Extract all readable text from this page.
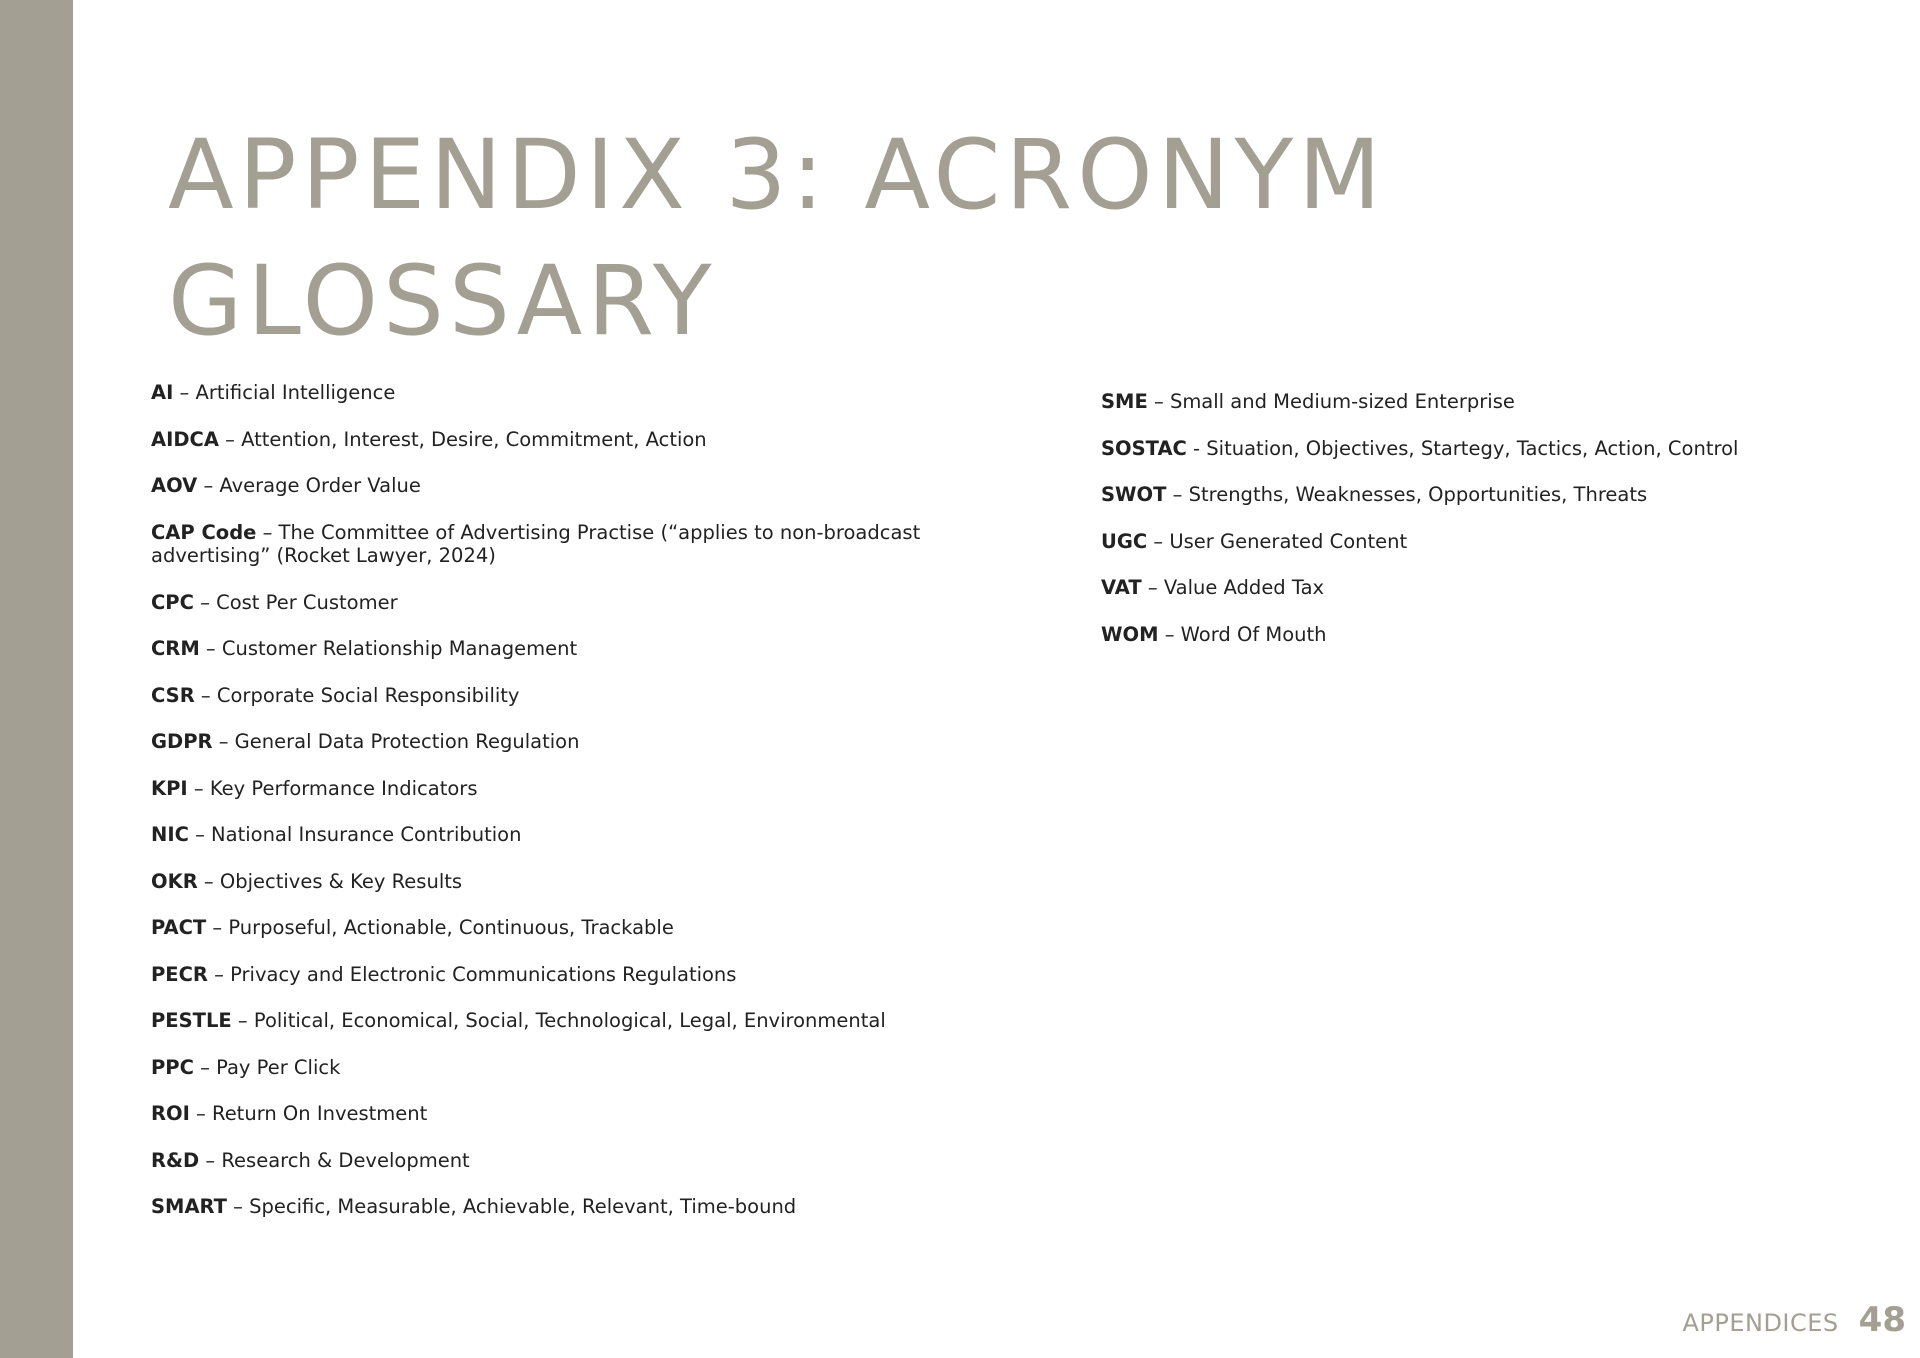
APPENDIX 3: ACRONYM
GLOSSARY
AI – Artificial Intelligence
AIDCA – Attention, Interest, Desire, Commitment, Action
AOV – Average Order Value
CAP Code – The Committee of Advertising Practise (“applies to non-broadcast advertising” (Rocket Lawyer, 2024)
CPC – Cost Per Customer
CRM – Customer Relationship Management
CSR – Corporate Social Responsibility
GDPR – General Data Protection Regulation
KPI – Key Performance Indicators
NIC – National Insurance Contribution
OKR – Objectives & Key Results
PACT – Purposeful, Actionable, Continuous, Trackable
PECR – Privacy and Electronic Communications Regulations
PESTLE – Political, Economical, Social, Technological, Legal, Environmental
PPC – Pay Per Click
ROI – Return On Investment
R&D – Research & Development
SMART – Specific, Measurable, Achievable, Relevant, Time-bound
SME – Small and Medium-sized Enterprise
SOSTAC - Situation, Objectives, Startegy, Tactics, Action, Control
SWOT – Strengths, Weaknesses, Opportunities, Threats
UGC – User Generated Content
VAT – Value Added Tax
WOM – Word Of Mouth
APPENDICES 48
